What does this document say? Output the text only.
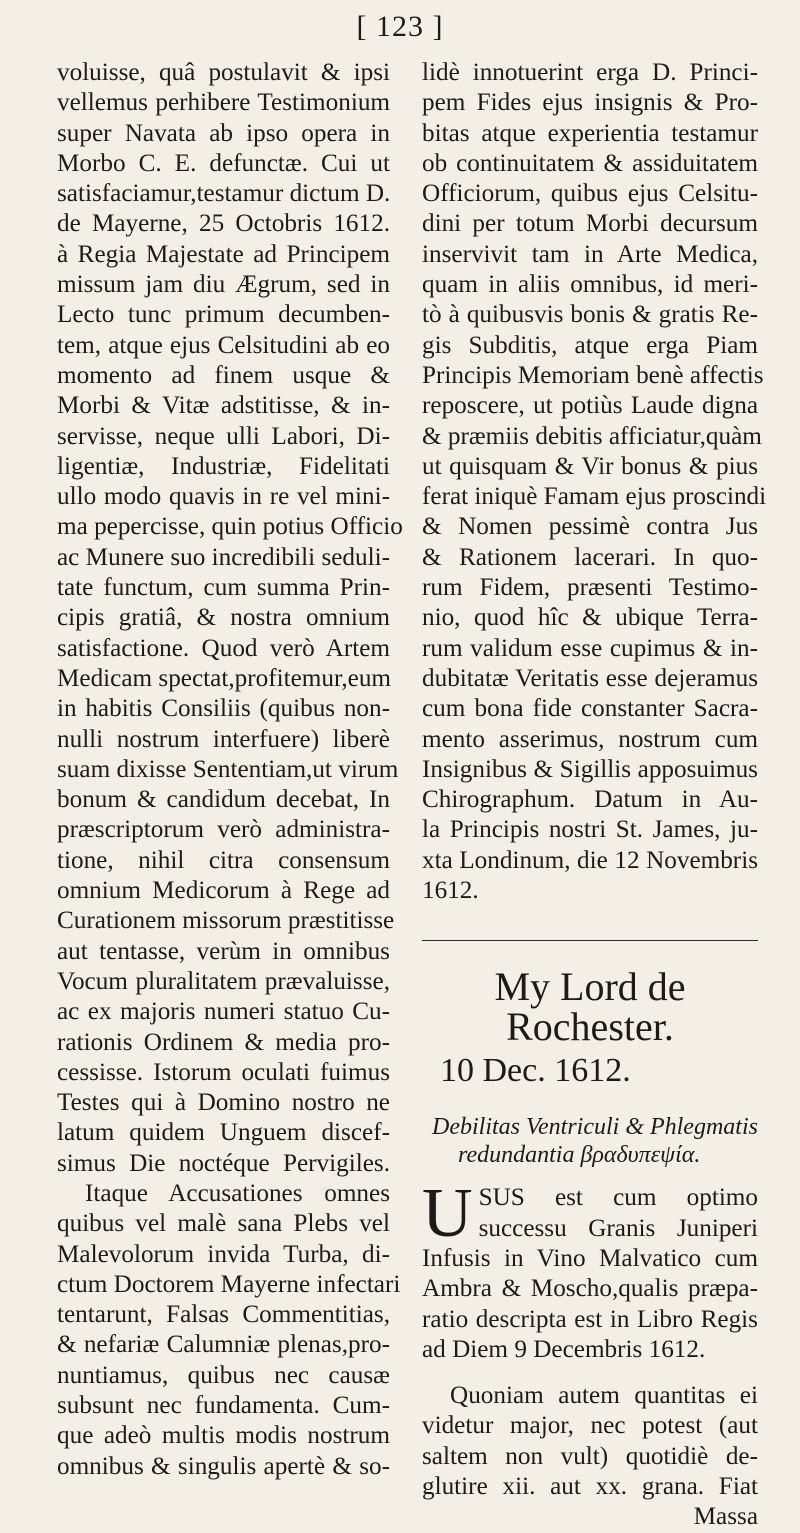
[ 123 ]
voluisse, quâ postulavit & ipsi
vellemus perhibere Testimonium
super Navata ab ipso opera in
Morbo C. E. defunctæ. Cui ut
satisfaciamur,testamur dictum D.
de Mayerne, 25 Octobris 1612.
à Regia Majestate ad Principem
missum jam diu Ægrum, sed in
Lecto tunc primum decumben-
tem, atque ejus Celsitudini ab eo
momento ad finem usque &
Morbi & Vitæ adstitisse, & in-
servisse, neque ulli Labori, Di-
ligentiæ, Industriæ, Fidelitati
ullo modo quavis in re vel mini-
ma pepercisse, quin potius Officio
ac Munere suo incredibili seduli-
tate functum, cum summa Prin-
cipis gratiâ, & nostra omnium
satisfactione. Quod verò Artem
Medicam spectat,profitemur,eum
in habitis Consiliis (quibus non-
nulli nostrum interfuere) liberè
suam dixisse Sententiam,ut virum
bonum & candidum decebat, In
præscriptorum verò administra-
tione, nihil citra consensum
omnium Medicorum à Rege ad
Curationem missorum præstitisse
aut tentasse, verùm in omnibus
Vocum pluralitatem prævaluisse,
ac ex majoris numeri statuo Cu-
rationis Ordinem & media pro-
cessisse. Istorum oculati fuimus
Testes qui à Domino nostro ne
latum quidem Unguem discef-
simus Die noctéque Pervigiles.
Itaque Accusationes omnes
quibus vel malè sana Plebs vel
Malevolorum invida Turba, di-
ctum Doctorem Mayerne infectari
tentarunt, Falsas Commentitias,
& nefariæ Calumniæ plenas,pro-
nuntiamus, quibus nec causæ
subsunt nec fundamenta. Cum-
que adeò multis modis nostrum
omnibus & singulis apertè & so-
lidè innotuerint erga D. Princi-
pem Fides ejus insignis & Pro-
bitas atque experientia testamur
ob continuitatem & assiduitatem
Officiorum, quibus ejus Celsitu-
dini per totum Morbi decursum
inservivit tam in Arte Medica,
quam in aliis omnibus, id meri-
tò à quibusvis bonis & gratis Re-
gis Subditis, atque erga Piam
Principis Memoriam benè affectis
reposcere, ut potiùs Laude digna
& præmiis debitis afficiatur,quàm
ut quisquam & Vir bonus & pius
ferat iniquè Famam ejus proscindi
& Nomen pessimè contra Jus
& Rationem lacerari. In quo-
rum Fidem, præsenti Testimo-
nio, quod hîc & ubique Terra-
rum validum esse cupimus & in-
dubitatæ Veritatis esse dejeramus
cum bona fide constanter Sacra-
mento asserimus, nostrum cum
Insignibus & Sigillis apposuimus
Chirographum. Datum in Au-
la Principis nostri St. James, ju-
xta Londinum, die 12 Novembris
1612.
My Lord de Rochester.
10 Dec. 1612.
Debilitas Ventriculi & Phlegmatis
redundantia βραδυπεψία.
U SUS est cum optimo
successu Granis Juniperi
Infusis in Vino Malvatico cum
Ambra & Moscho,qualis præpa-
ratio descripta est in Libro Regis
ad Diem 9 Decembris 1612.
Quoniam autem quantitas ei
videtur major, nec potest (aut
saltem non vult) quotidiè de-
glutire xii. aut xx. grana. Fiat
Massa
